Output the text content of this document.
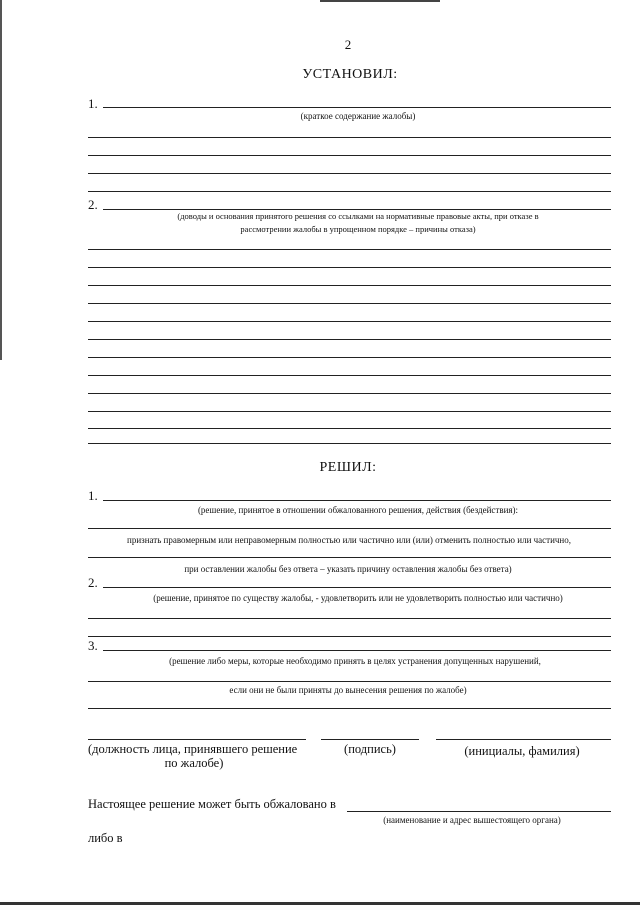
2
УСТАНОВИЛ:
1.
(краткое содержание жалобы)
2.
(доводы и основания принятого решения со ссылками на нормативные правовые акты, при отказе в
рассмотрении жалобы в упрощенном порядке – причины отказа)
РЕШИЛ:
1.
(решение, принятое в отношении обжалованного решения, действия (бездействия):
признать правомерным или неправомерным полностью или частично или (или) отменить полностью или частично,
при оставлении жалобы без ответа – указать причину оставления жалобы без ответа)
2.
(решение, принятое по существу жалобы, - удовлетворить или не удовлетворить полностью или частично)
3.
(решение либо меры, которые необходимо принять в целях устранения допущенных нарушений,
если они не были приняты до вынесения решения по жалобе)
(должность лица, принявшего решение
по жалобе)
(подпись)	(инициалы, фамилия)
Настоящее решение может быть обжаловано в
(наименование и адрес вышестоящего органа)
либо в
